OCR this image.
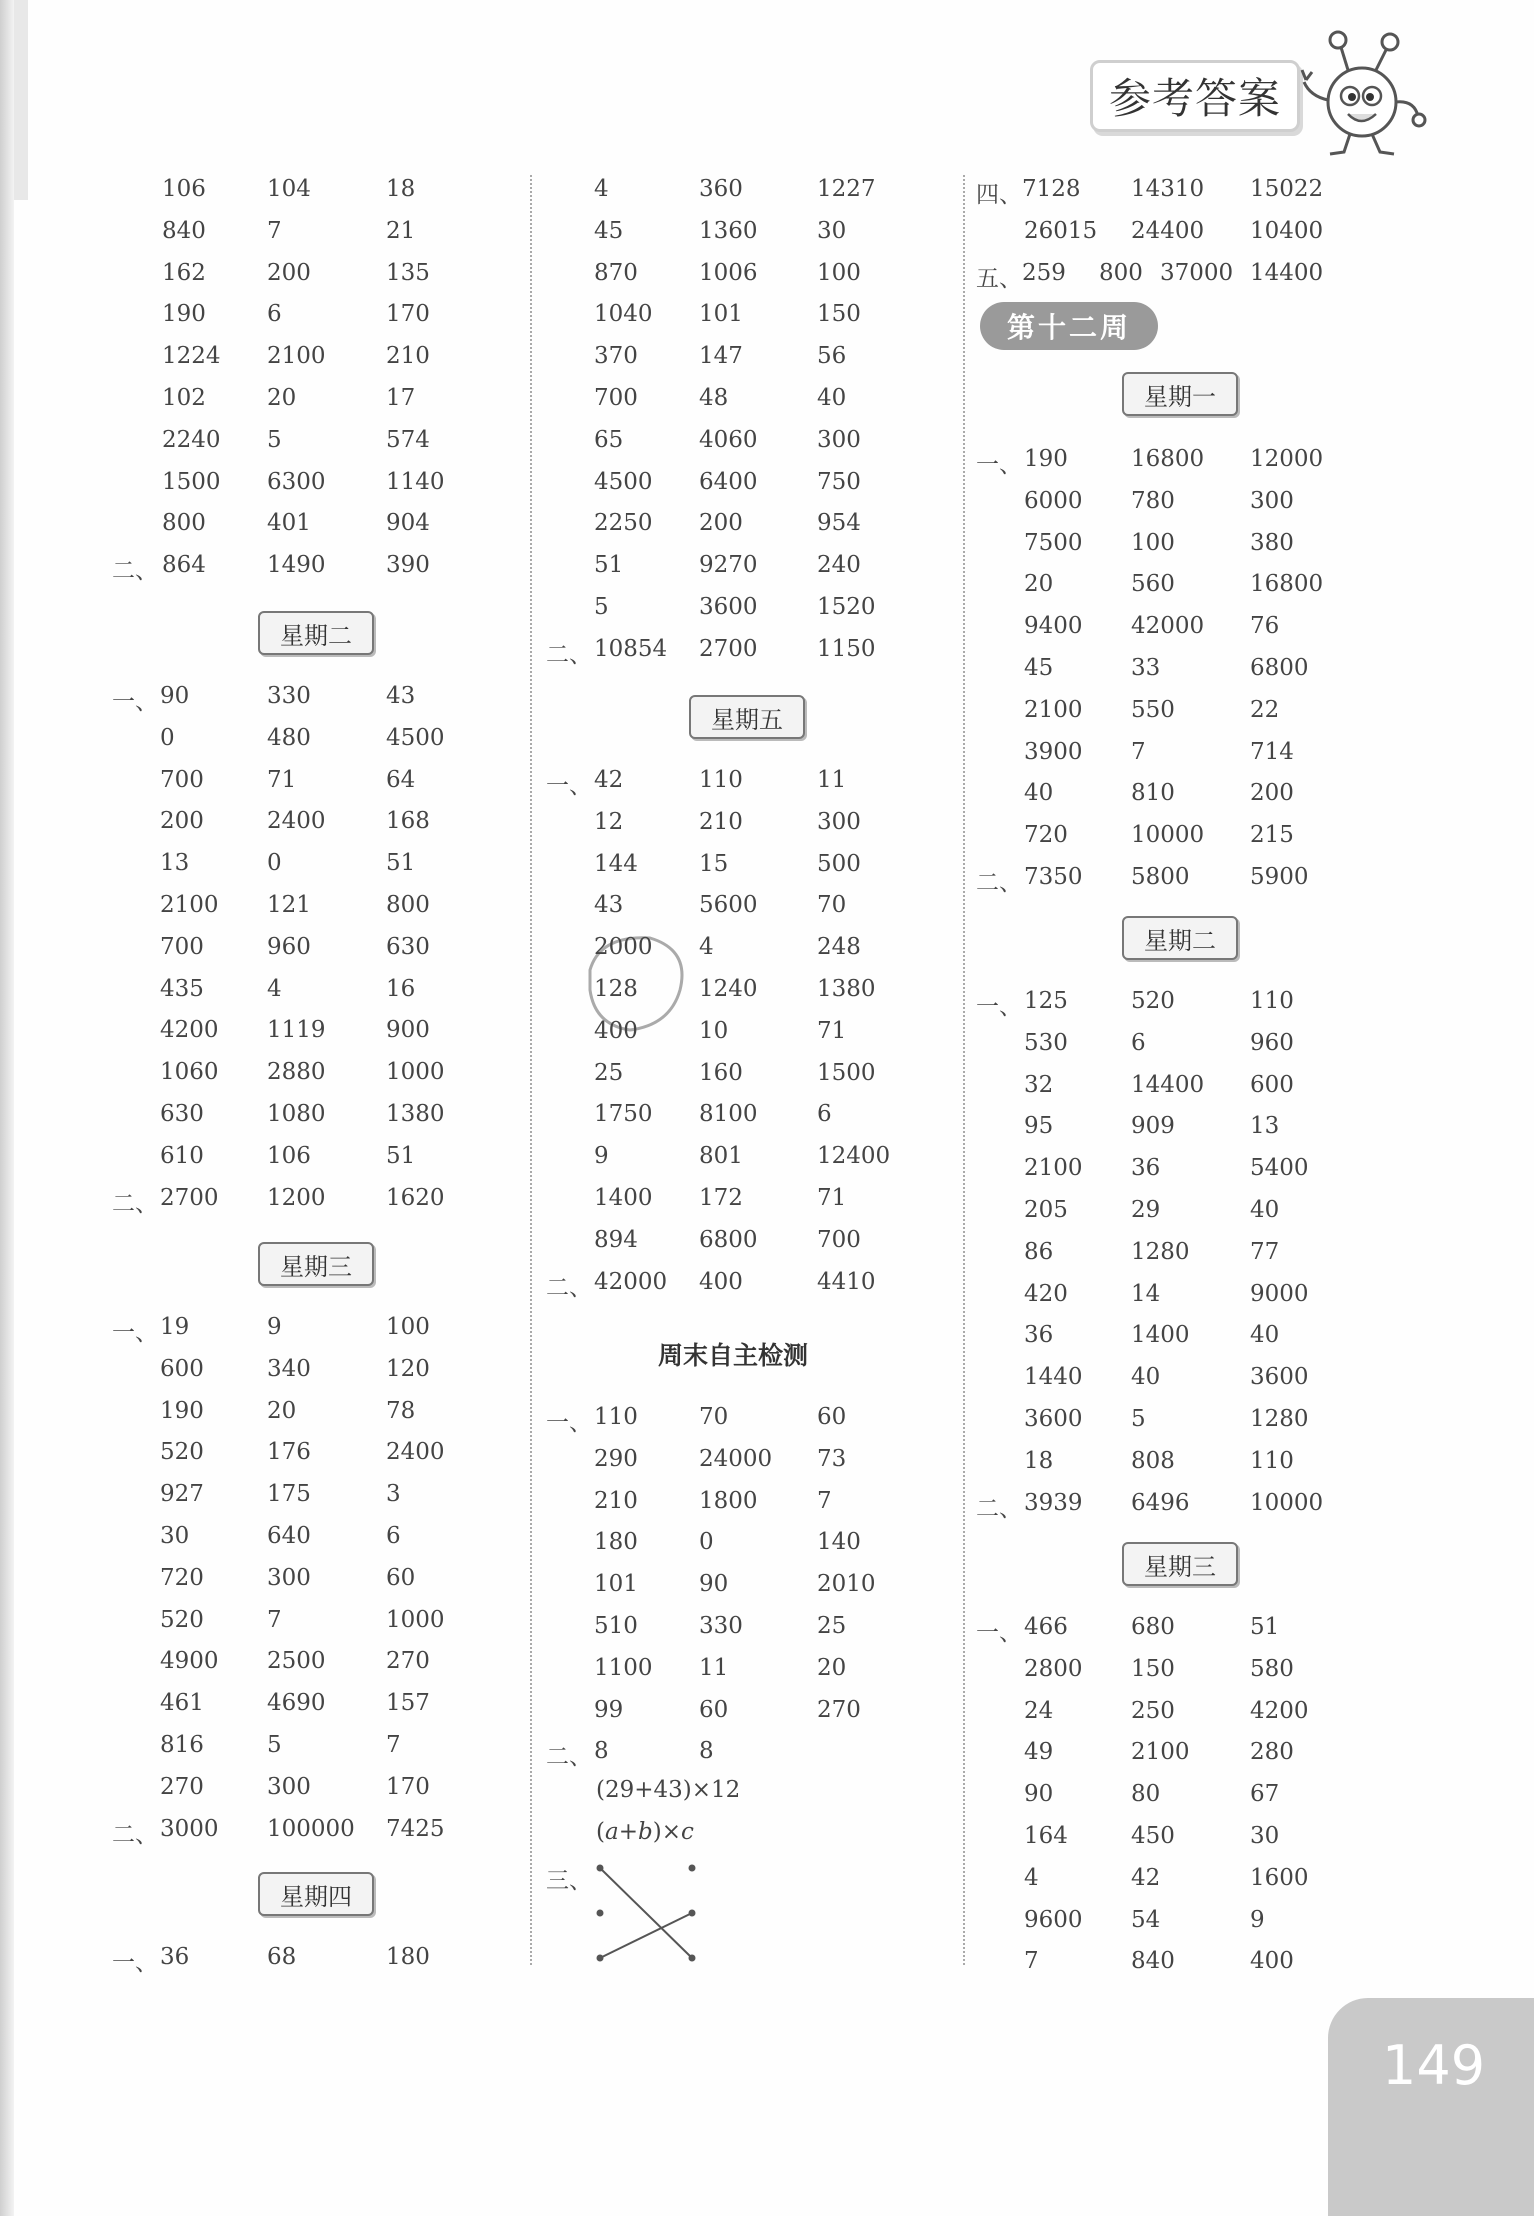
参考答案
第十二周
(29+43)×12
(a+b)×c
三、
149
106	104	18
840	7	21
162	200	135
190	6	170
1224 2100	210
102	20	17
2240 5	574
1500 6300	1140
800	401	904
二、 864	1490	390
星期二
一、 90	330	43
0	480	4500
700	71	64
200	2400	168
13	0	51
2100 121	800
700	960	630
435	4	16
4200 1119	900
1060 2880	1000
630	1080	1380
610	106	51
二、 2700 1200	1620
星期三
一、 19	9	100
600	340	120
190	20	78
520	176	2400
927	175	3
30	640	6
720	300	60
520	7	1000
4900 2500	270
461	4690	157
816	5	7
270	300	170
二、 3000 100000 7425
星期四
一、 36	68	180
4	360	1227
45	1360	30
870	1006	100
1040 101	150
370	147	56
700	48	40
65	4060	300
4500 6400	750
2250 200	954
51	9270	240
5	3600	1520
二、 10854 2700	1150
星期五
一、 42	110	11
12	210	300
144	15	500
43	5600	70
2000 4	248
128	1240	1380
400	10	71
25	160	1500
1750 8100	6
9	801	12400
1400 172	71
894	6800	700
二、 42000 400	4410
周末自主检测
一、 110	70	60
290	24000 73
210	1800	7
180	0	140
101	90	2010
510	330	25
1100 11	20
99	60	270
二、 8	8
四、 7128 14310 15022
26015 24400 10400
五、 259 800 37000 14400
星期一
一、 190	16800 12000
6000 780	300
7500 100	380
20	560	16800
9400 42000 76
45	33	6800
2100 550	22
3900 7	714
40	810	200
720	10000 215
二、 7350 5800	5900
星期二
一、 125	520	110
530	6	960
32	14400 600
95	909	13
2100 36	5400
205	29	40
86	1280	77
420	14	9000
36	1400	40
1440 40	3600
3600 5	1280
18	808	110
二、 3939 6496	10000
星期三
一、 466	680	51
2800 150	580
24	250	4200
49	2100	280
90	80	67
164	450	30
4	42	1600
9600 54	9
7	840	400
